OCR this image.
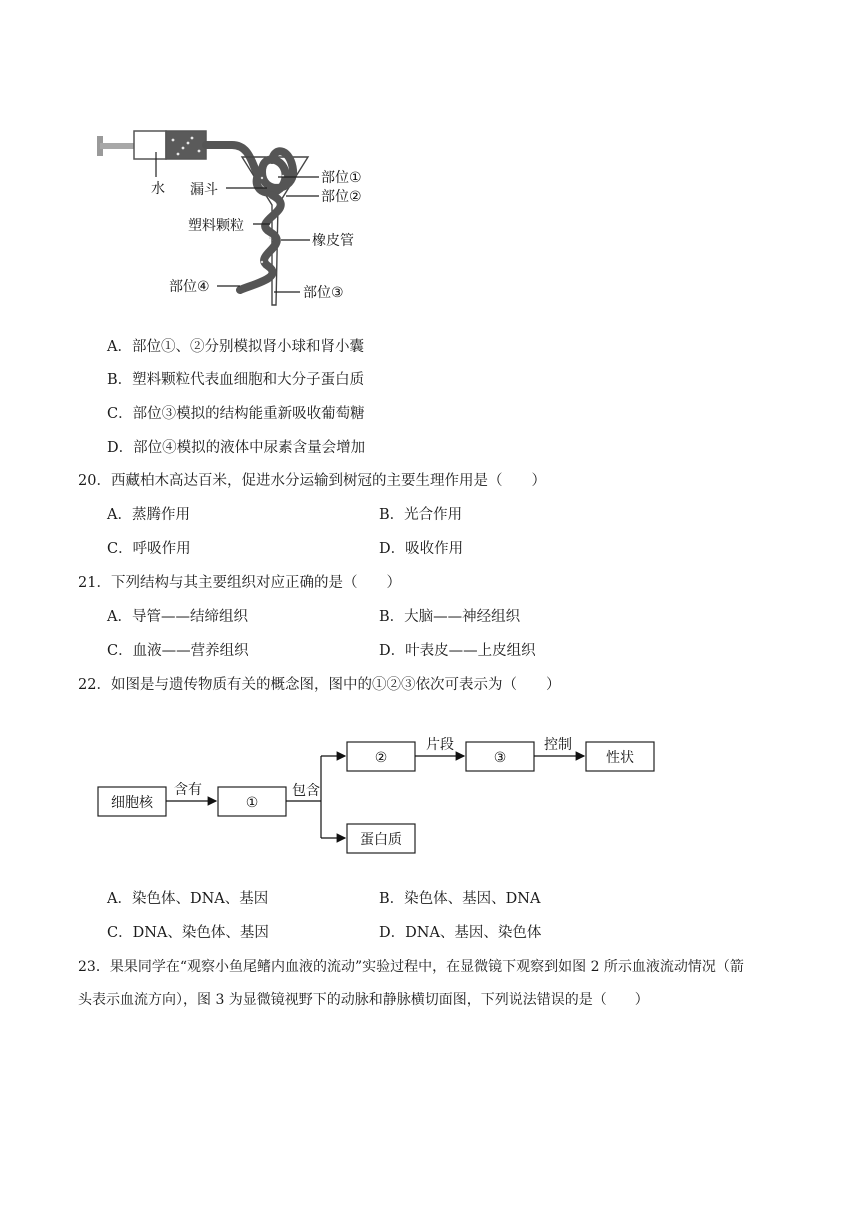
水 漏斗
部位①
部位②
塑料颗粒
橡皮管
部位④	部位③
A．部位①、②分别模拟肾小球和肾小囊
B．塑料颗粒代表血细胞和大分子蛋白质
C．部位③模拟的结构能重新吸收葡萄糖
D．部位④模拟的液体中尿素含量会增加
20．西藏柏木高达百米，促进水分运输到树冠的主要生理作用是（　　）
A．蒸腾作用	B．光合作用
C．呼吸作用	D．吸收作用
21．下列结构与其主要组织对应正确的是（　　）
A．导管——结缔组织	B．大脑——神经组织
C．血液——营养组织	D．叶表皮——上皮组织
22．如图是与遗传物质有关的概念图，图中的①②③依次可表示为（　　）
细胞核	①
②	③	性状
蛋白质
含有	包含
片段	控制
A．染色体、DNA、基因	B．染色体、基因、DNA
C．DNA、染色体、基因	D．DNA、基因、染色体
23．果果同学在“观察小鱼尾鳍内血液的流动”实验过程中，在显微镜下观察到如图 2 所示血液流动情况（箭
头表示血流方向），图 3 为显微镜视野下的动脉和静脉横切面图，下列说法错误的是（　　）
